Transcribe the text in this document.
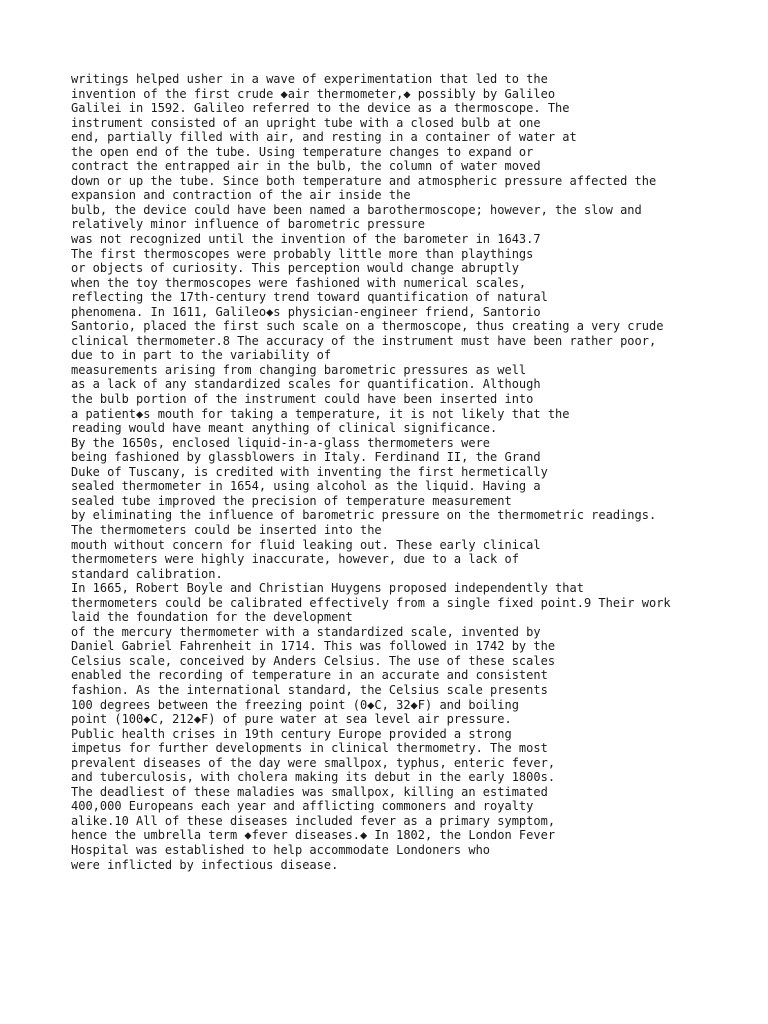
writings helped usher in a wave of experimentation that led to the
invention of the first crude ◆air thermometer,◆ possibly by Galileo
Galilei in 1592. Galileo referred to the device as a thermoscope. The
instrument consisted of an upright tube with a closed bulb at one
end, partially filled with air, and resting in a container of water at
the open end of the tube. Using temperature changes to expand or
contract the entrapped air in the bulb, the column of water moved
down or up the tube. Since both temperature and atmospheric pressure affected the
expansion and contraction of the air inside the
bulb, the device could have been named a barothermoscope; however, the slow and
relatively minor influence of barometric pressure
was not recognized until the invention of the barometer in 1643.7
The first thermoscopes were probably little more than playthings
or objects of curiosity. This perception would change abruptly
when the toy thermoscopes were fashioned with numerical scales,
reflecting the 17th-century trend toward quantification of natural
phenomena. In 1611, Galileo◆s physician-engineer friend, Santorio
Santorio, placed the first such scale on a thermoscope, thus creating a very crude
clinical thermometer.8 The accuracy of the instrument must have been rather poor,
due to in part to the variability of
measurements arising from changing barometric pressures as well
as a lack of any standardized scales for quantification. Although
the bulb portion of the instrument could have been inserted into
a patient◆s mouth for taking a temperature, it is not likely that the
reading would have meant anything of clinical significance.
By the 1650s, enclosed liquid-in-a-glass thermometers were
being fashioned by glassblowers in Italy. Ferdinand II, the Grand
Duke of Tuscany, is credited with inventing the first hermetically
sealed thermometer in 1654, using alcohol as the liquid. Having a
sealed tube improved the precision of temperature measurement
by eliminating the influence of barometric pressure on the thermometric readings.
The thermometers could be inserted into the
mouth without concern for fluid leaking out. These early clinical
thermometers were highly inaccurate, however, due to a lack of
standard calibration.
In 1665, Robert Boyle and Christian Huygens proposed independently that
thermometers could be calibrated effectively from a single fixed point.9 Their work
laid the foundation for the development
of the mercury thermometer with a standardized scale, invented by
Daniel Gabriel Fahrenheit in 1714. This was followed in 1742 by the
Celsius scale, conceived by Anders Celsius. The use of these scales
enabled the recording of temperature in an accurate and consistent
fashion. As the international standard, the Celsius scale presents
100 degrees between the freezing point (0◆C, 32◆F) and boiling
point (100◆C, 212◆F) of pure water at sea level air pressure.
Public health crises in 19th century Europe provided a strong
impetus for further developments in clinical thermometry. The most
prevalent diseases of the day were smallpox, typhus, enteric fever,
and tuberculosis, with cholera making its debut in the early 1800s.
The deadliest of these maladies was smallpox, killing an estimated
400,000 Europeans each year and afflicting commoners and royalty
alike.10 All of these diseases included fever as a primary symptom,
hence the umbrella term ◆fever diseases.◆ In 1802, the London Fever
Hospital was established to help accommodate Londoners who
were inflicted by infectious disease.
